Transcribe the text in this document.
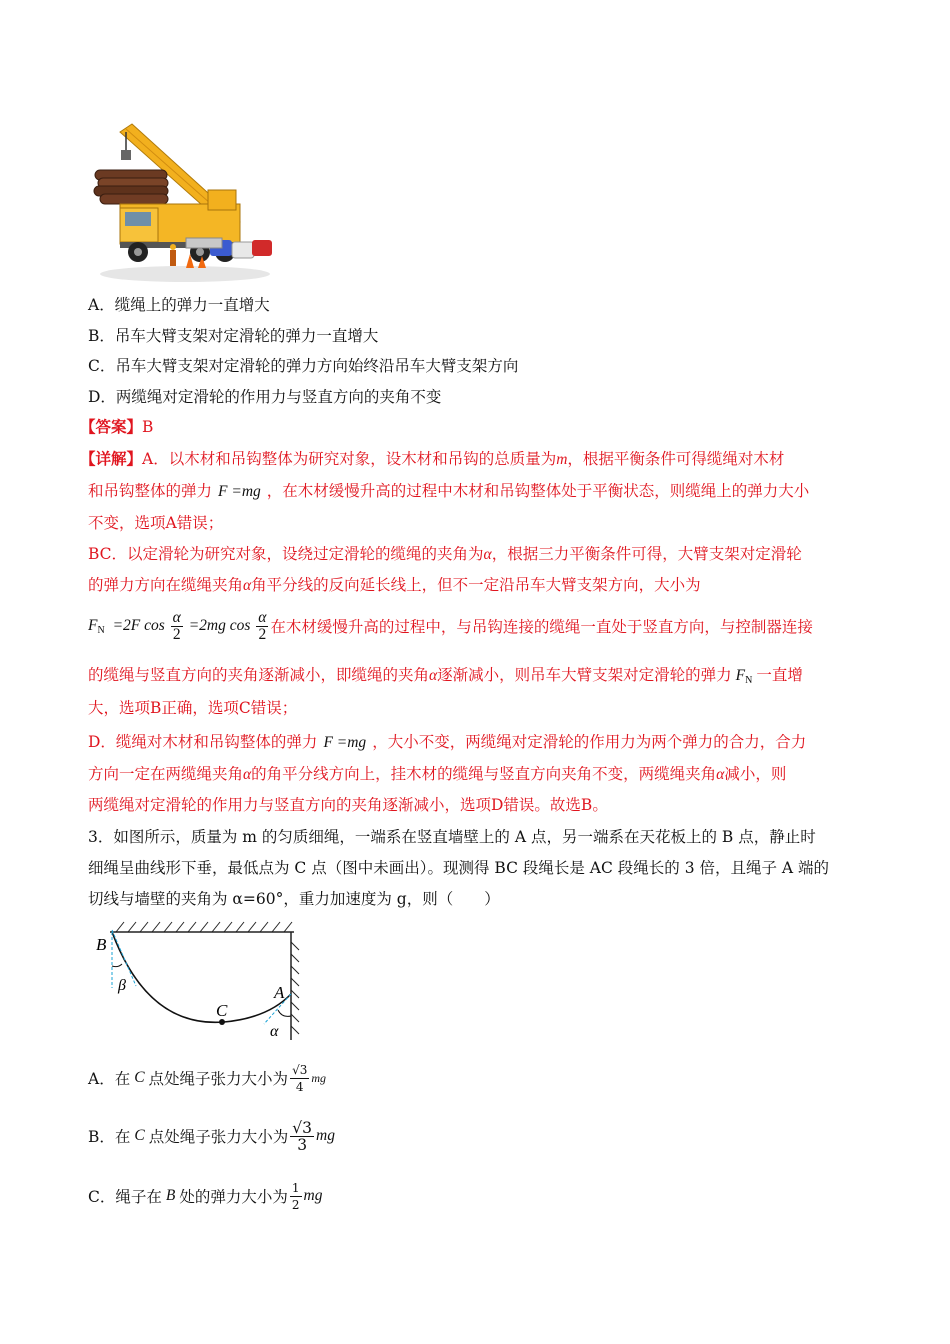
A．缆绳上的弹力一直增大
B．吊车大臂支架对定滑轮的弹力一直增大
C．吊车大臂支架对定滑轮的弹力方向始终沿吊车大臂支架方向
D．两缆绳对定滑轮的作用力与竖直方向的夹角不变
【答案】B
【详解】A．以木材和吊钩整体为研究对象，设木材和吊钩的总质量为m，根据平衡条件可得缆绳对木材
和吊钩整体的弹力 F =mg ，在木材缓慢升高的过程中木材和吊钩整体处于平衡状态，则缆绳上的弹力大小
不变，选项A错误；
BC．以定滑轮为研究对象，设绕过定滑轮的缆绳的夹角为α，根据三力平衡条件可得，大臂支架对定滑轮
的弹力方向在缆绳夹角α角平分线的反向延长线上，但不一定沿吊车大臂支架方向，大小为
$F_N =2F$ $\cos \frac{\alpha}{2} =2mg$ $\cos \frac{\alpha}{2}$ 在木材缓慢升高的过程中，与吊钩连接的缆绳一直处于竖直方向，与控制器连接
的缆绳与竖直方向的夹角逐渐减小，即缆绳的夹角α逐渐减小，则吊车大臂支架对定滑轮的弹力 $F_N$ 一直增
大，选项B正确，选项C错误；
D．缆绳对木材和吊钩整体的弹力 F =mg ，大小不变，两缆绳对定滑轮的作用力为两个弹力的合力，合力
方向一定在两缆绳夹角α的角平分线方向上，挂木材的缆绳与竖直方向夹角不变，两缆绳夹角α减小，则
两缆绳对定滑轮的作用力与竖直方向的夹角逐渐减小，选项D错误。故选B。
3．如图所示，质量为 m 的匀质细绳，一端系在竖直墙壁上的 A 点，另一端系在天花板上的 B 点，静止时
细绳呈曲线形下垂，最低点为 C 点（图中未画出）。现测得 BC 段绳长是 AC 段绳长的 3 倍，且绳子 A 端的
切线与墙壁的夹角为 α=60°，重力加速度为 g，则（　　）
B
β
C
A
α
A．在 C 点处绳子张力大小为 $\frac{√3}{4}$ mg
B．在 C 点处绳子张力大小为 $\frac{√3}{3}$ mg
C．绳子在 B 处的弹力大小为 $\frac{1}{2}$ mg
